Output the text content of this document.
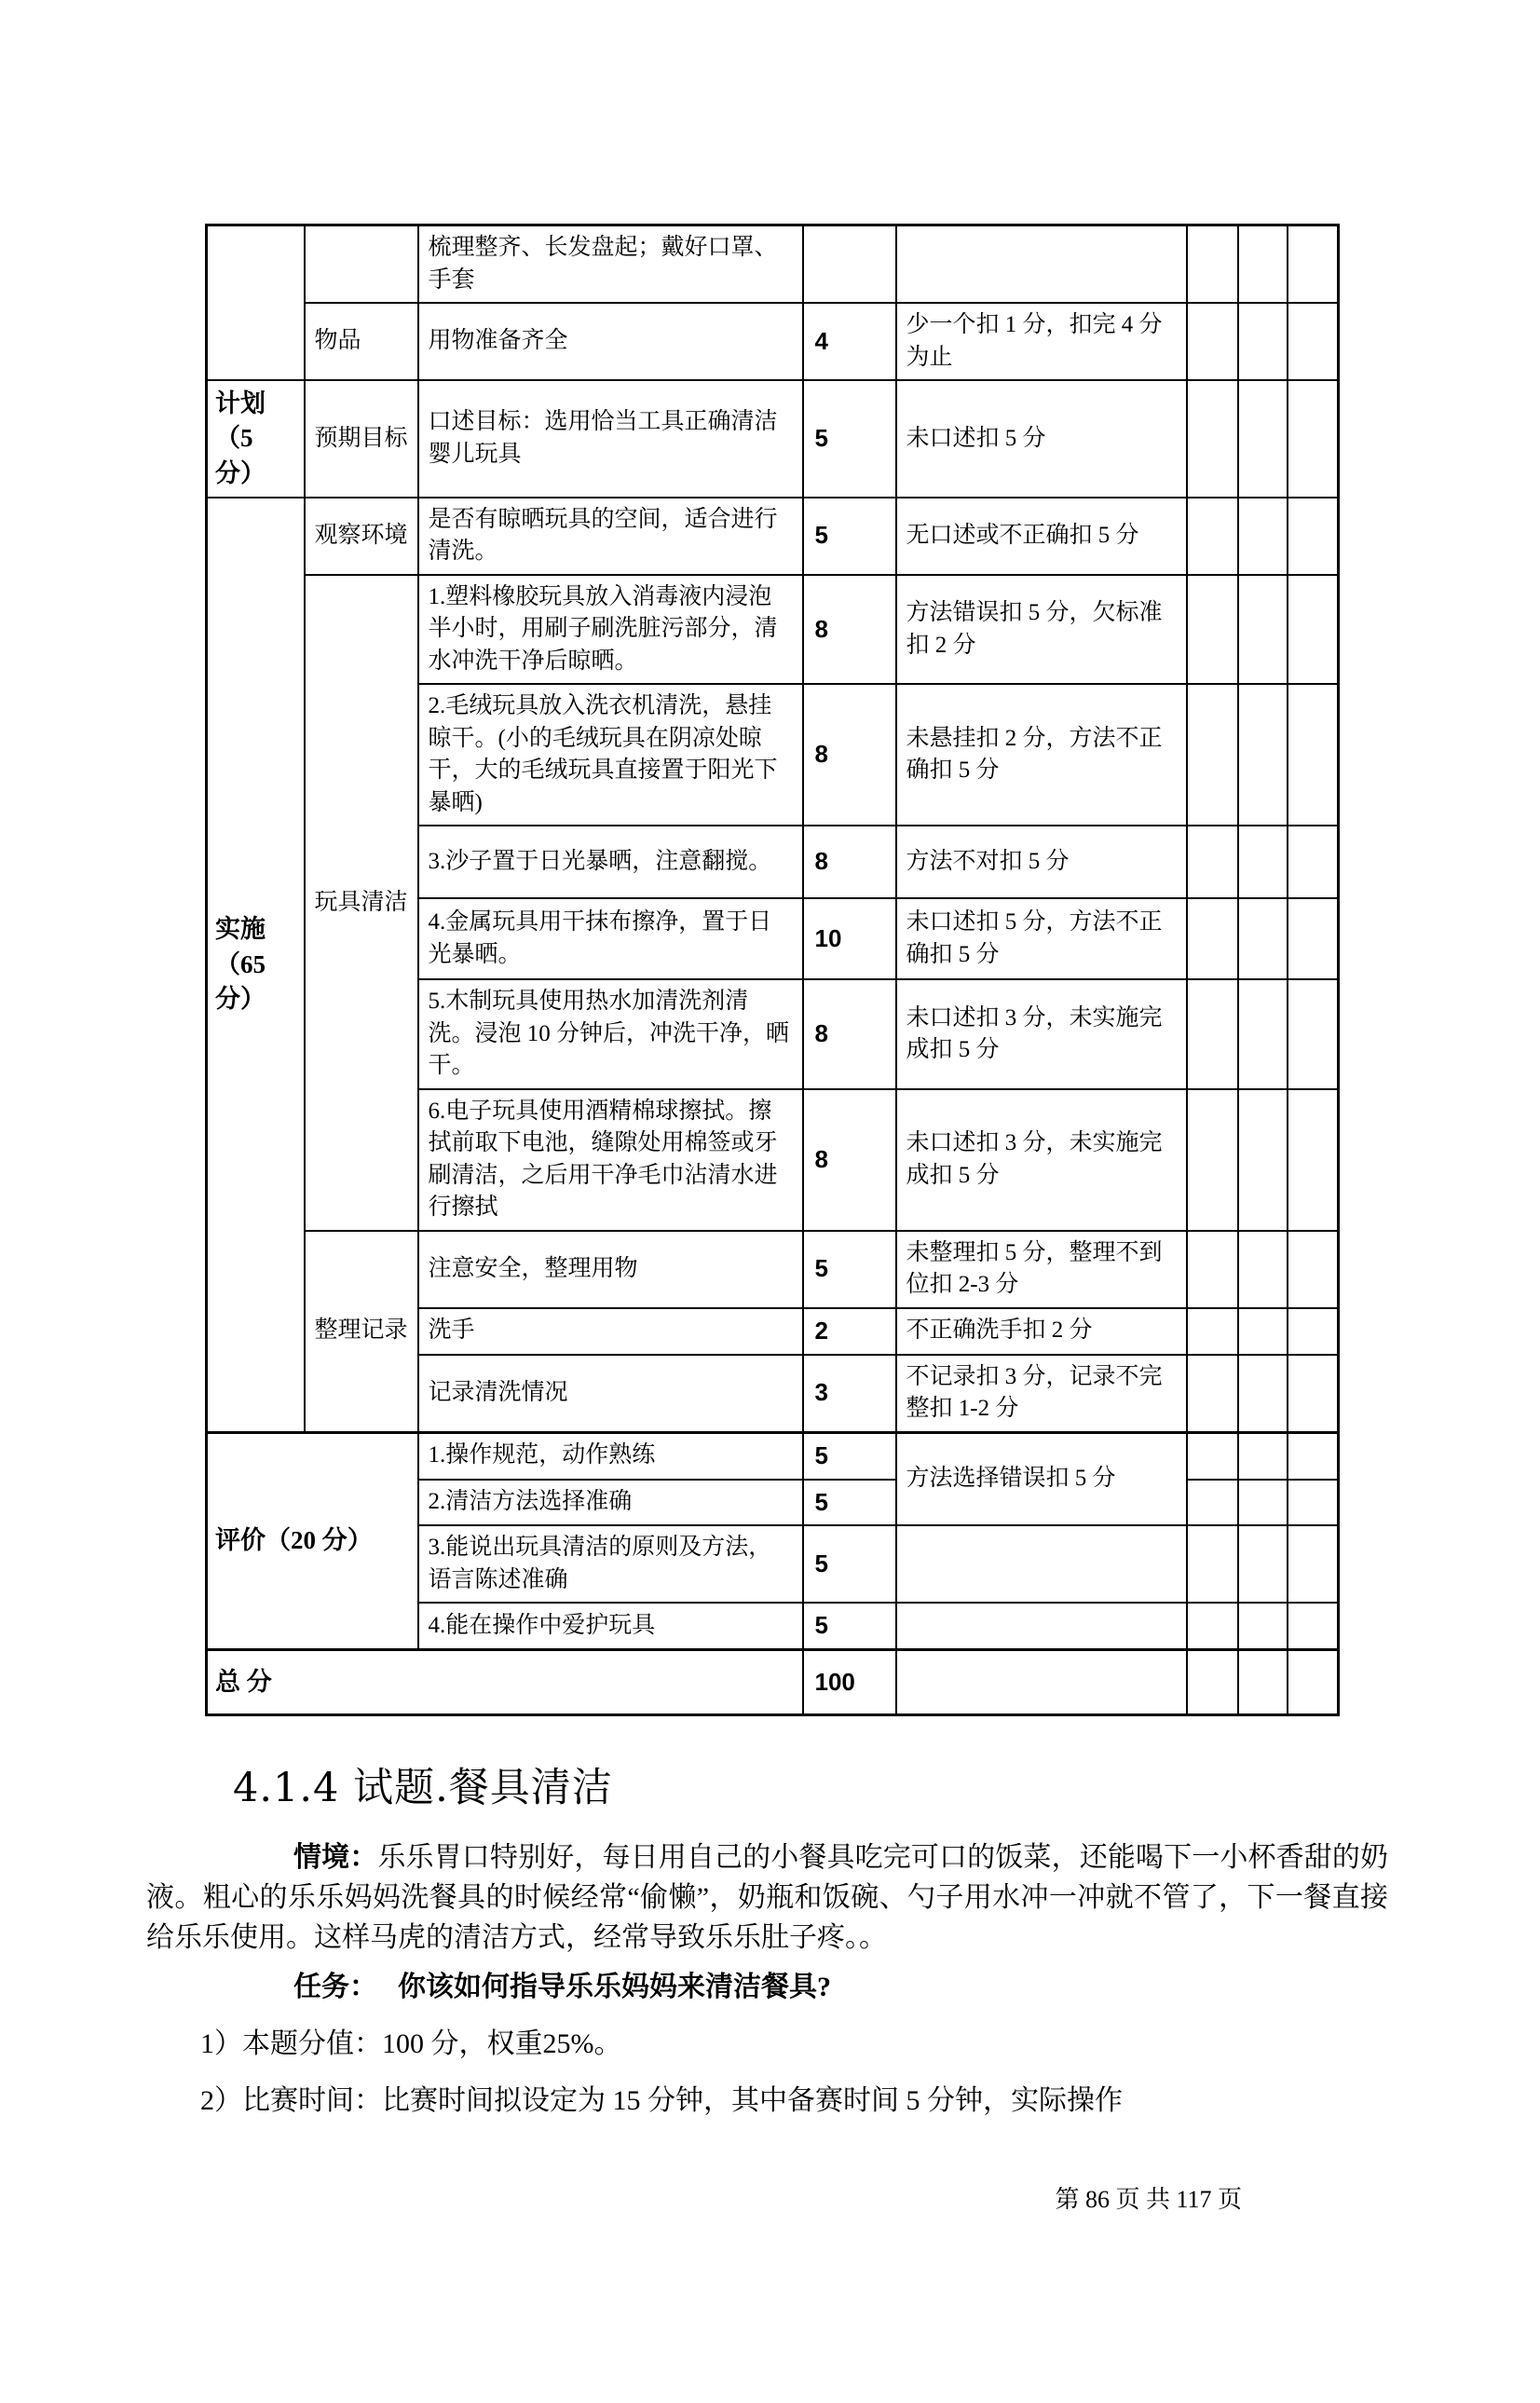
		梳理整齐、长发盘起；戴好口罩、手套					
	物品	用物准备齐全	4	少一个扣 1 分，扣完 4 分为止			
计划（5 分）	预期目标	口述目标：选用恰当工具正确清洁婴儿玩具	5	未口述扣 5 分			
实施（65 分）	观察环境	是否有晾晒玩具的空间，适合进行清洗。	5	无口述或不正确扣 5 分			
	玩具清洁	1.塑料橡胶玩具放入消毒液内浸泡半小时，用刷子刷洗脏污部分，清水冲洗干净后晾晒。	8	方法错误扣 5 分，欠标准扣 2 分			
		2.毛绒玩具放入洗衣机清洗，悬挂晾干。(小的毛绒玩具在阴凉处晾干，大的毛绒玩具直接置于阳光下暴晒)	8	未悬挂扣 2 分，方法不正确扣 5 分			
		3.沙子置于日光暴晒，注意翻搅。	8	方法不对扣 5 分			
		4.金属玩具用干抹布擦净，置于日光暴晒。	10	未口述扣 5 分，方法不正确扣 5 分			
		5.木制玩具使用热水加清洗剂清洗。浸泡 10 分钟后，冲洗干净，晒干。	8	未口述扣 3 分，未实施完成扣 5 分			
		6.电子玩具使用酒精棉球擦拭。擦拭前取下电池，缝隙处用棉签或牙刷清洁，之后用干净毛巾沾清水进行擦拭	8	未口述扣 3 分，未实施完成扣 5 分			
	整理记录	注意安全，整理用物	5	未整理扣 5 分，整理不到位扣 2-3 分			
		洗手	2	不正确洗手扣 2 分			
		记录清洗情况	3	不记录扣 3 分，记录不完整扣 1-2 分			
评价（20 分）		1.操作规范，动作熟练	5	方法选择错误扣 5 分			
		2.清洁方法选择准确	5				
		3.能说出玩具清洁的原则及方法，语言陈述准确	5				
		4.能在操作中爱护玩具	5				
总 分			100				
4.1.4 试题.餐具清洁

情境：乐乐胃口特别好，每日用自己的小餐具吃完可口的饭菜，还能喝下一小杯香甜的奶液。粗心的乐乐妈妈洗餐具的时候经常“偷懒”，奶瓶和饭碗、勺子用水冲一冲就不管了，下一餐直接给乐乐使用。这样马虎的清洁方式，经常导致乐乐肚子疼。。

任务： 你该如何指导乐乐妈妈来清洁餐具?

1）本题分值：100 分，权重25%。

2）比赛时间：比赛时间拟设定为 15 分钟，其中备赛时间 5 分钟，实际操作

第 86 页 共 117 页
